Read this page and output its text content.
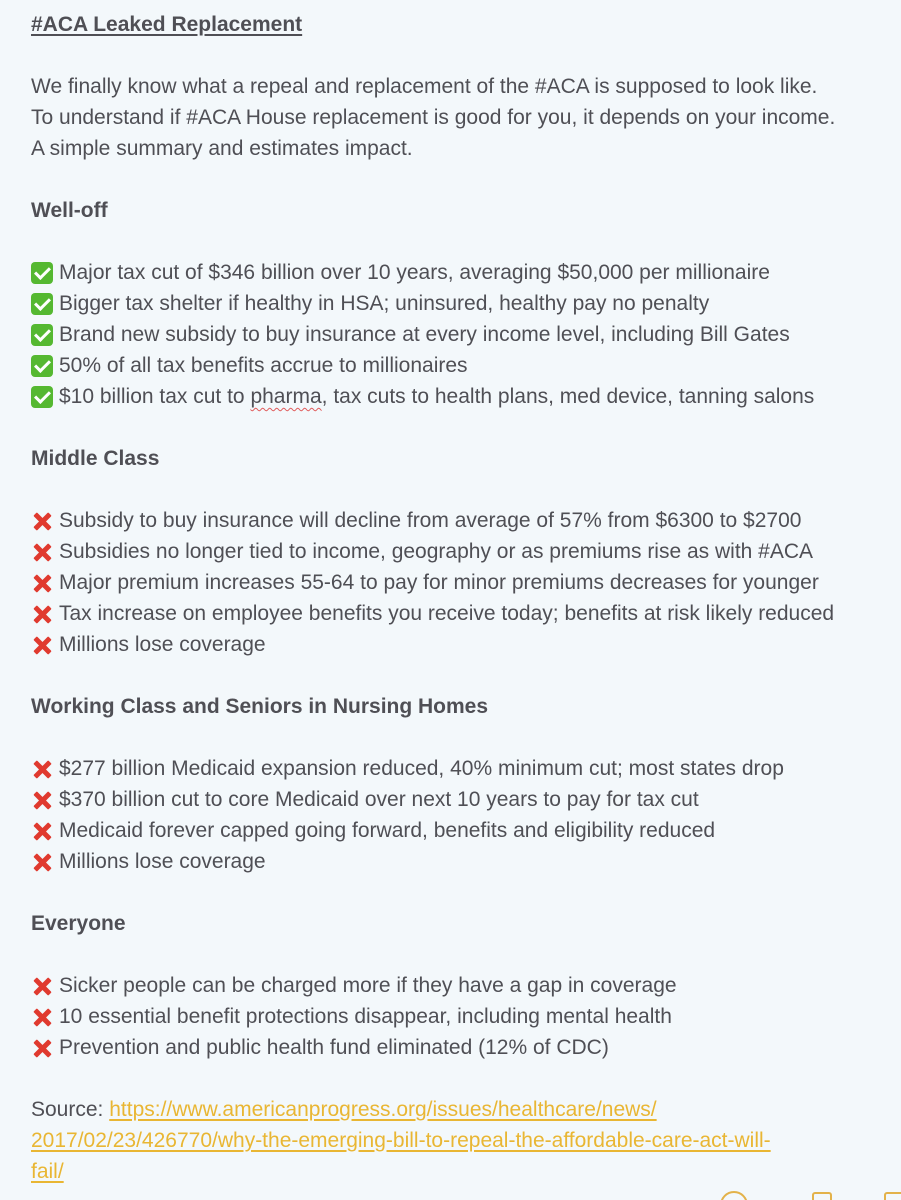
#ACA Leaked Replacement

We finally know what a repeal and replacement of the #ACA is supposed to look like.

To understand if #ACA House replacement is good for you, it depends on your income.

A simple summary and estimates impact.

Well-off

Major tax cut of $346 billion over 10 years, averaging $50,000 per millionaire

Bigger tax shelter if healthy in HSA; uninsured, healthy pay no penalty

Brand new subsidy to buy insurance at every income level, including Bill Gates

50% of all tax benefits accrue to millionaires

$10 billion tax cut to pharma , tax cuts to health plans, med device, tanning salons

Middle Class

Subsidy to buy insurance will decline from average of 57% from $6300 to $2700

Subsidies no longer tied to income, geography or as premiums rise as with #ACA

Major premium increases 55-64 to pay for minor premiums decreases for younger

Tax increase on employee benefits you receive today; benefits at risk likely reduced

Millions lose coverage

Working Class and Seniors in Nursing Homes

$277 billion Medicaid expansion reduced, 40% minimum cut; most states drop

$370 billion cut to core Medicaid over next 10 years to pay for tax cut

Medicaid forever capped going forward, benefits and eligibility reduced

Millions lose coverage

Everyone

Sicker people can be charged more if they have a gap in coverage

10 essential benefit protections disappear, including mental health

Prevention and public health fund eliminated (12% of CDC)

Source: https://www.americanprogress.org/issues/healthcare/news/
2017/02/23/426770/why-the-emerging-bill-to-repeal-the-affordable-care-act-will-
fail/
